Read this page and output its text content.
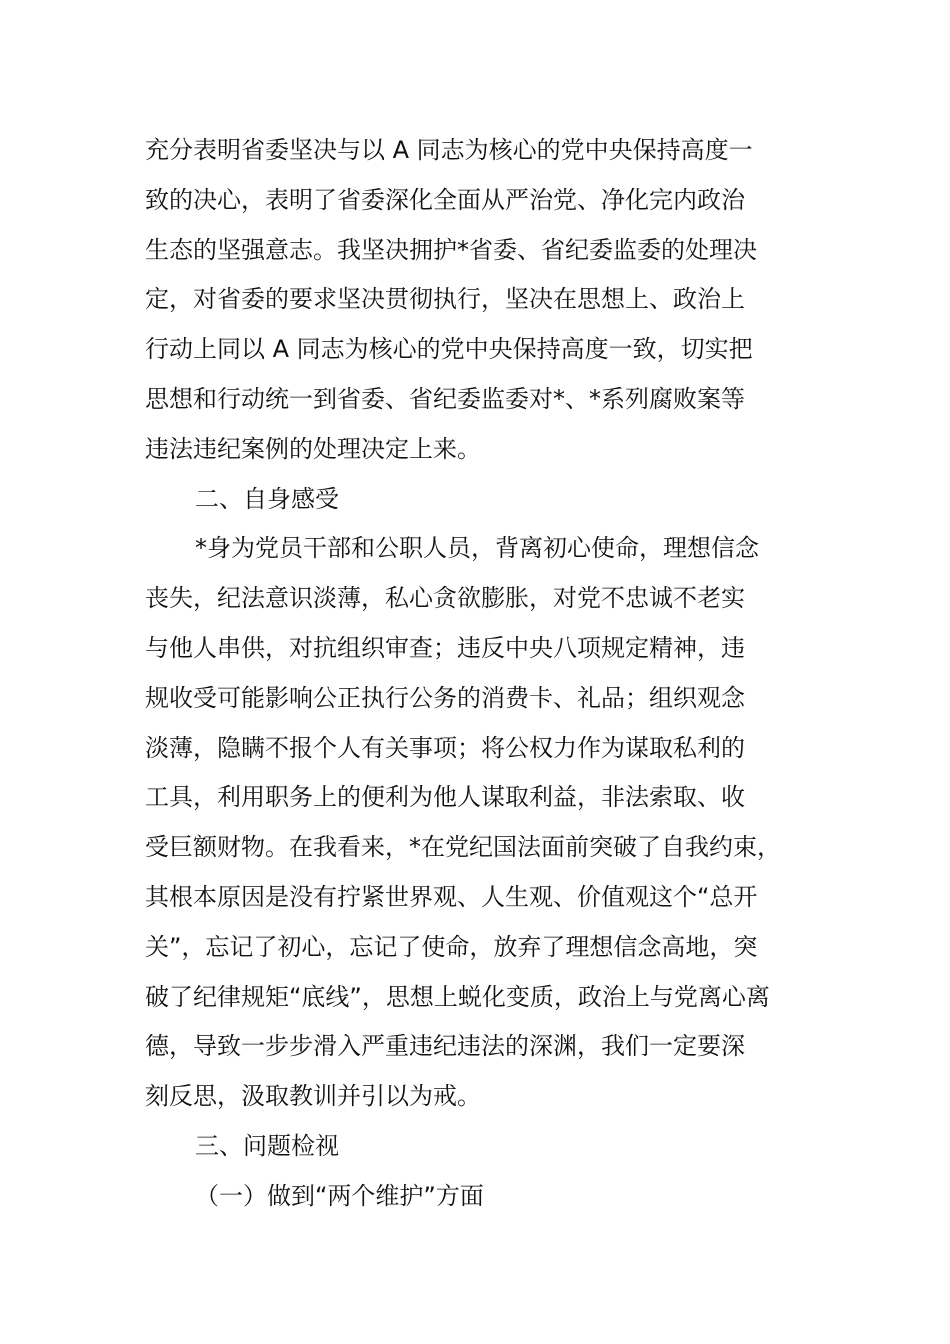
充分表明省委坚决与以 A 同志为核心的党中央保持高度一
致的决心，表明了省委深化全面从严治党、净化完内政治
生态的坚强意志。我坚决拥护*省委、省纪委监委的处理决
定，对省委的要求坚决贯彻执行，坚决在思想上、政治上
行动上同以 A 同志为核心的党中央保持高度一致，切实把
思想和行动统一到省委、省纪委监委对*、*系列腐败案等
违法违纪案例的处理决定上来。

二、自身感受

*身为党员干部和公职人员，背离初心使命，理想信念
丧失，纪法意识淡薄，私心贪欲膨胀，对党不忠诚不老实
与他人串供，对抗组织审查；违反中央八项规定精神，违
规收受可能影响公正执行公务的消费卡、礼品；组织观念
淡薄，隐瞒不报个人有关事项；将公权力作为谋取私利的
工具，利用职务上的便利为他人谋取利益，非法索取、收
受巨额财物。在我看来，*在党纪国法面前突破了自我约束，
其根本原因是没有拧紧世界观、人生观、价值观这个“总开
关”，忘记了初心，忘记了使命，放弃了理想信念高地，突
破了纪律规矩“底线”，思想上蜕化变质，政治上与党离心离
德，导致一步步滑入严重违纪违法的深渊，我们一定要深
刻反思，汲取教训并引以为戒。

三、问题检视

（一）做到“两个维护”方面
